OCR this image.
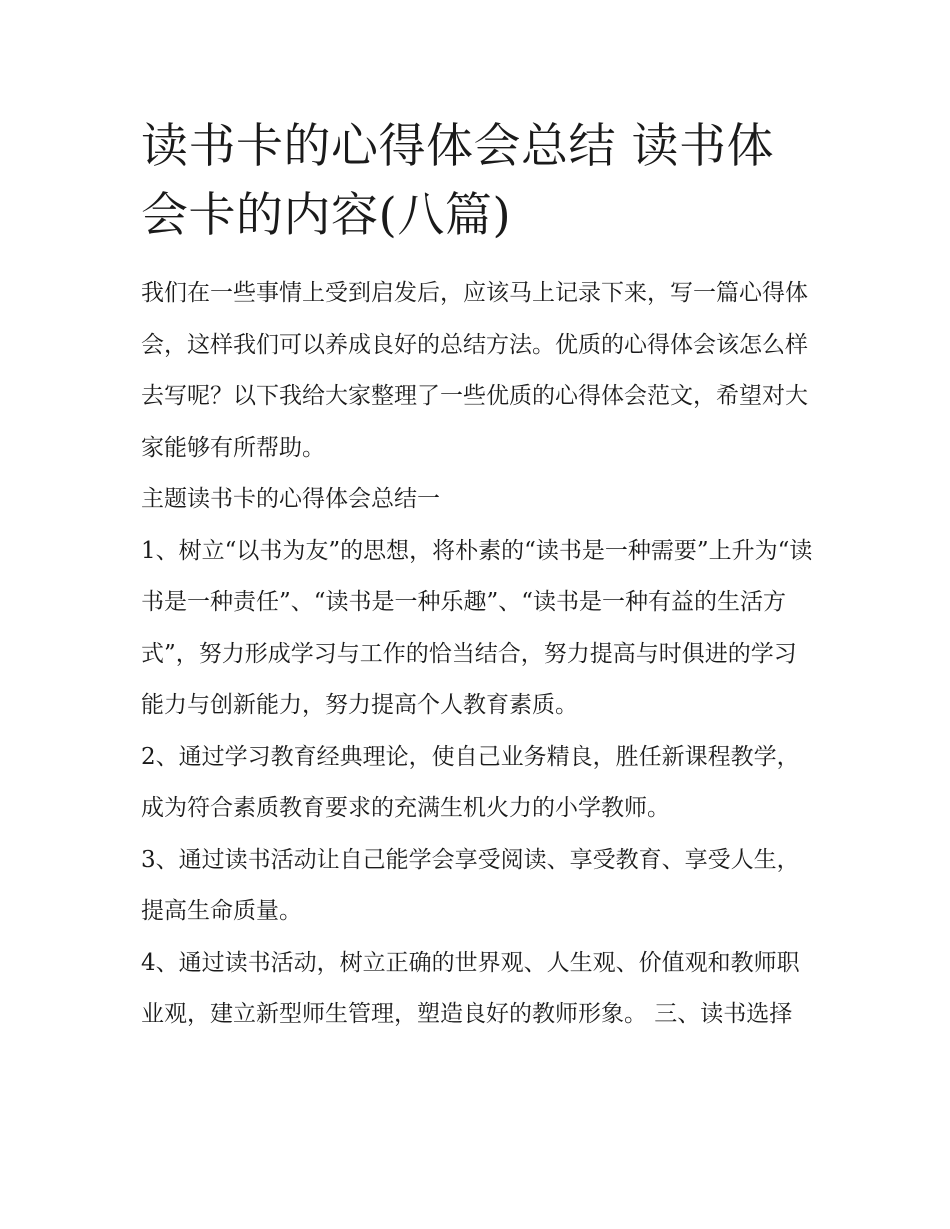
读书卡的心得体会总结 读书体会卡的内容(八篇)

我们在一些事情上受到启发后，应该马上记录下来，写一篇心得体会，这样我们可以养成良好的总结方法。优质的心得体会该怎么样去写呢？以下我给大家整理了一些优质的心得体会范文，希望对大家能够有所帮助。

主题读书卡的心得体会总结一

1、树立“以书为友”的思想，将朴素的“读书是一种需要”上升为“读书是一种责任”、“读书是一种乐趣”、“读书是一种有益的生活方式”，努力形成学习与工作的恰当结合，努力提高与时俱进的学习能力与创新能力，努力提高个人教育素质。

2、通过学习教育经典理论，使自己业务精良，胜任新课程教学，成为符合素质教育要求的充满生机火力的小学教师。

3、通过读书活动让自己能学会享受阅读、享受教育、享受人生，提高生命质量。

4、通过读书活动，树立正确的世界观、人生观、价值观和教师职业观，建立新型师生管理，塑造良好的教师形象。 三、读书选择
